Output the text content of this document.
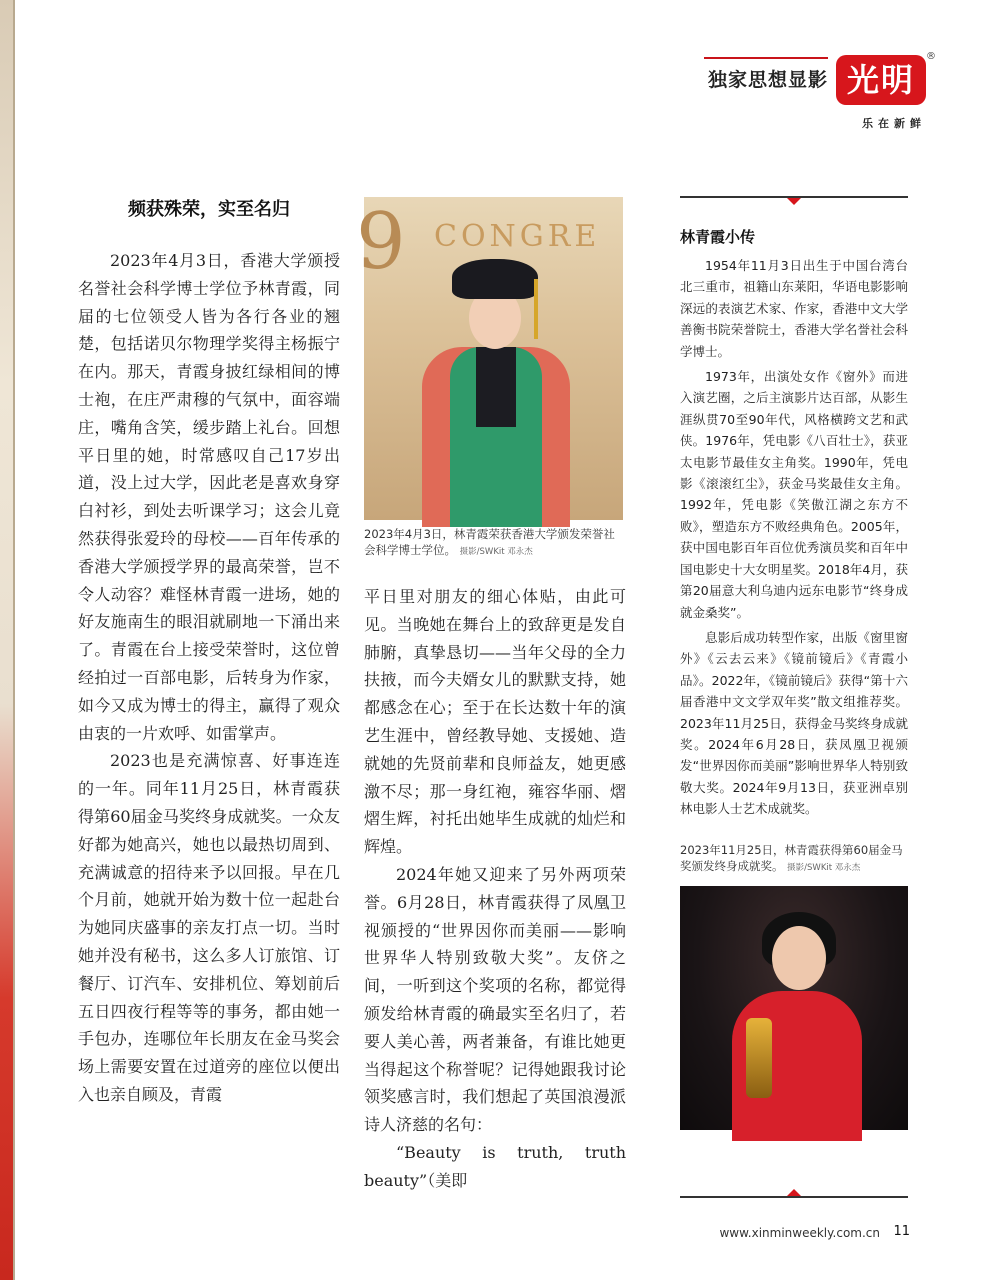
独家思想显影 光明
®
乐在新鲜
频获殊荣，实至名归

2023年4月3日，香港大学颁授名誉社会科学博士学位予林青霞，同届的七位领受人皆为各行各业的翘楚，包括诺贝尔物理学奖得主杨振宁在内。那天，青霞身披红绿相间的博士袍，在庄严肃穆的气氛中，面容端庄，嘴角含笑，缓步踏上礼台。回想平日里的她，时常感叹自己17岁出道，没上过大学，因此老是喜欢身穿白衬衫，到处去听课学习；这会儿竟然获得张爱玲的母校——百年传承的香港大学颁授学界的最高荣誉，岂不令人动容？难怪林青霞一进场，她的好友施南生的眼泪就刷地一下涌出来了。青霞在台上接受荣誉时，这位曾经拍过一百部电影，后转身为作家，如今又成为博士的得主，赢得了观众由衷的一片欢呼、如雷掌声。

2023也是充满惊喜、好事连连的一年。同年11月25日，林青霞获得第60届金马奖终身成就奖。一众友好都为她高兴，她也以最热切周到、充满诚意的招待来予以回报。早在几个月前，她就开始为数十位一起赴台为她同庆盛事的亲友打点一切。当时她并没有秘书，这么多人订旅馆、订餐厅、订汽车、安排机位、筹划前后五日四夜行程等等的事务，都由她一手包办，连哪位年长朋友在金马奖会场上需要安置在过道旁的座位以便出入也亲自顾及，青霞

9 CONGRE
2023年4月3日，林青霞荣获香港大学颁发荣誉社会科学博士学位。 摄影/SWKit 邓永杰

平日里对朋友的细心体贴，由此可见。当晚她在舞台上的致辞更是发自肺腑，真挚恳切——当年父母的全力扶掖，而今夫婿女儿的默默支持，她都感念在心；至于在长达数十年的演艺生涯中，曾经教导她、支援她、造就她的先贤前辈和良师益友，她更感激不尽；那一身红袍，雍容华丽、熠熠生辉，衬托出她毕生成就的灿烂和辉煌。

2024年她又迎来了另外两项荣誉。6月28日，林青霞获得了凤凰卫视颁授的“世界因你而美丽——影响世界华人特别致敬大奖”。友侪之间，一听到这个奖项的名称，都觉得颁发给林青霞的确最实至名归了，若要人美心善，两者兼备，有谁比她更当得起这个称誉呢？记得她跟我讨论领奖感言时，我们想起了英国浪漫派诗人济慈的名句：

“Beauty is truth, truth beauty”（美即

林青霞小传

1954年11月3日出生于中国台湾台北三重市，祖籍山东莱阳，华语电影影响深远的表演艺术家、作家，香港中文大学善衡书院荣誉院士，香港大学名誉社会科学博士。

1973年，出演处女作《窗外》而进入演艺圈，之后主演影片达百部，从影生涯纵贯70至90年代，风格横跨文艺和武侠。1976年，凭电影《八百壮士》，获亚太电影节最佳女主角奖。1990年，凭电影《滚滚红尘》，获金马奖最佳女主角。1992年，凭电影《笑傲江湖之东方不败》，塑造东方不败经典角色。2005年，获中国电影百年百位优秀演员奖和百年中国电影史十大女明星奖。2018年4月，获第20届意大利乌迪内远东电影节“终身成就金桑奖”。

息影后成功转型作家，出版《窗里窗外》《云去云来》《镜前镜后》《青霞小品》。2022年，《镜前镜后》获得“第十六届香港中文文学双年奖”散文组推荐奖。2023年11月25日，获得金马奖终身成就奖。2024年6月28日，获凤凰卫视颁发“世界因你而美丽”影响世界华人特别致敬大奖。2024年9月13日，获亚洲卓别林电影人士艺术成就奖。

2023年11月25日，林青霞获得第60届金马奖颁发终身成就奖。 摄影/SWKit 邓永杰
www.xinminweekly.com.cn 11
